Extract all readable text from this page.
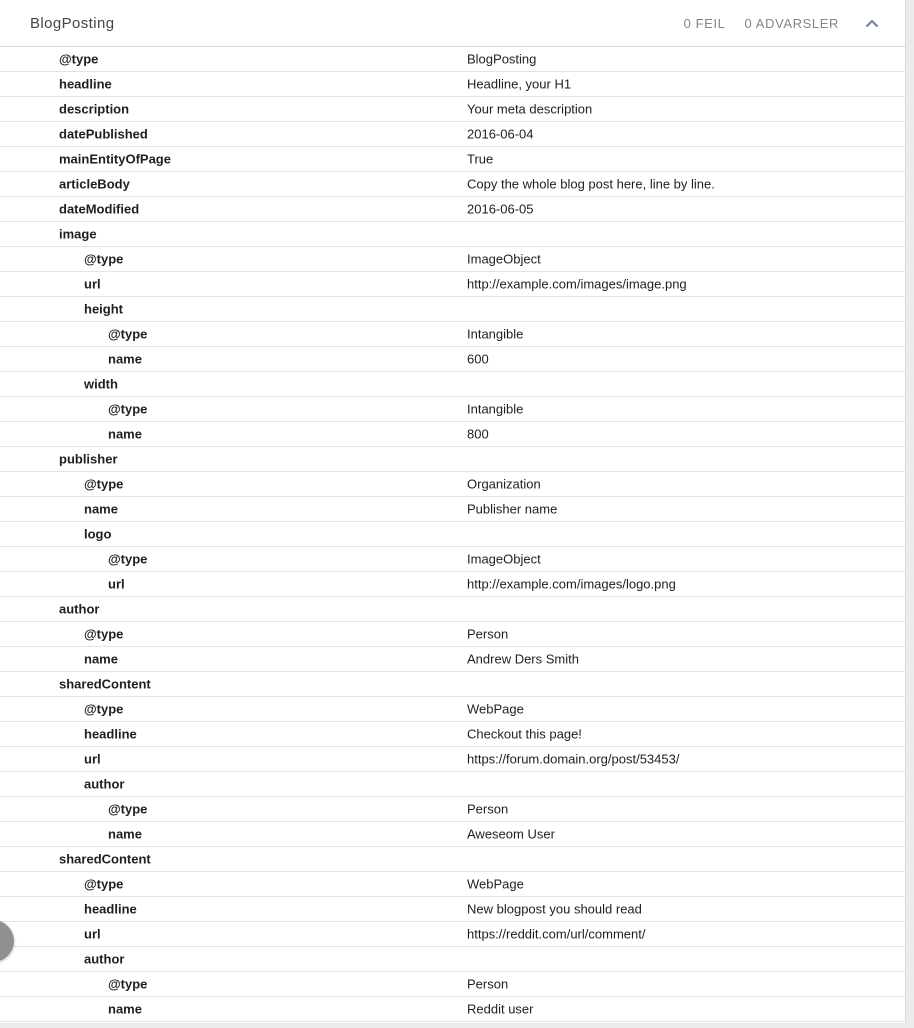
BlogPosting	0 FEIL 0 ADVARSLER
@type	BlogPosting
headline	Headline, your H1
description	Your meta description
datePublished	2016-06-04
mainEntityOfPage	True
articleBody	Copy the whole blog post here, line by line.
dateModified	2016-06-05
image
@type	ImageObject
url	http://example.com/images/image.png
height
@type	Intangible
name	600
width
@type	Intangible
name	800
publisher
@type	Organization
name	Publisher name
logo
@type	ImageObject
url	http://example.com/images/logo.png
author
@type	Person
name	Andrew Ders Smith
sharedContent
@type	WebPage
headline	Checkout this page!
url	https://forum.domain.org/post/53453/
author
@type	Person
name	Aweseom User
sharedContent
@type	WebPage
headline	New blogpost you should read
url	https://reddit.com/url/comment/
author
@type	Person
name	Reddit user
